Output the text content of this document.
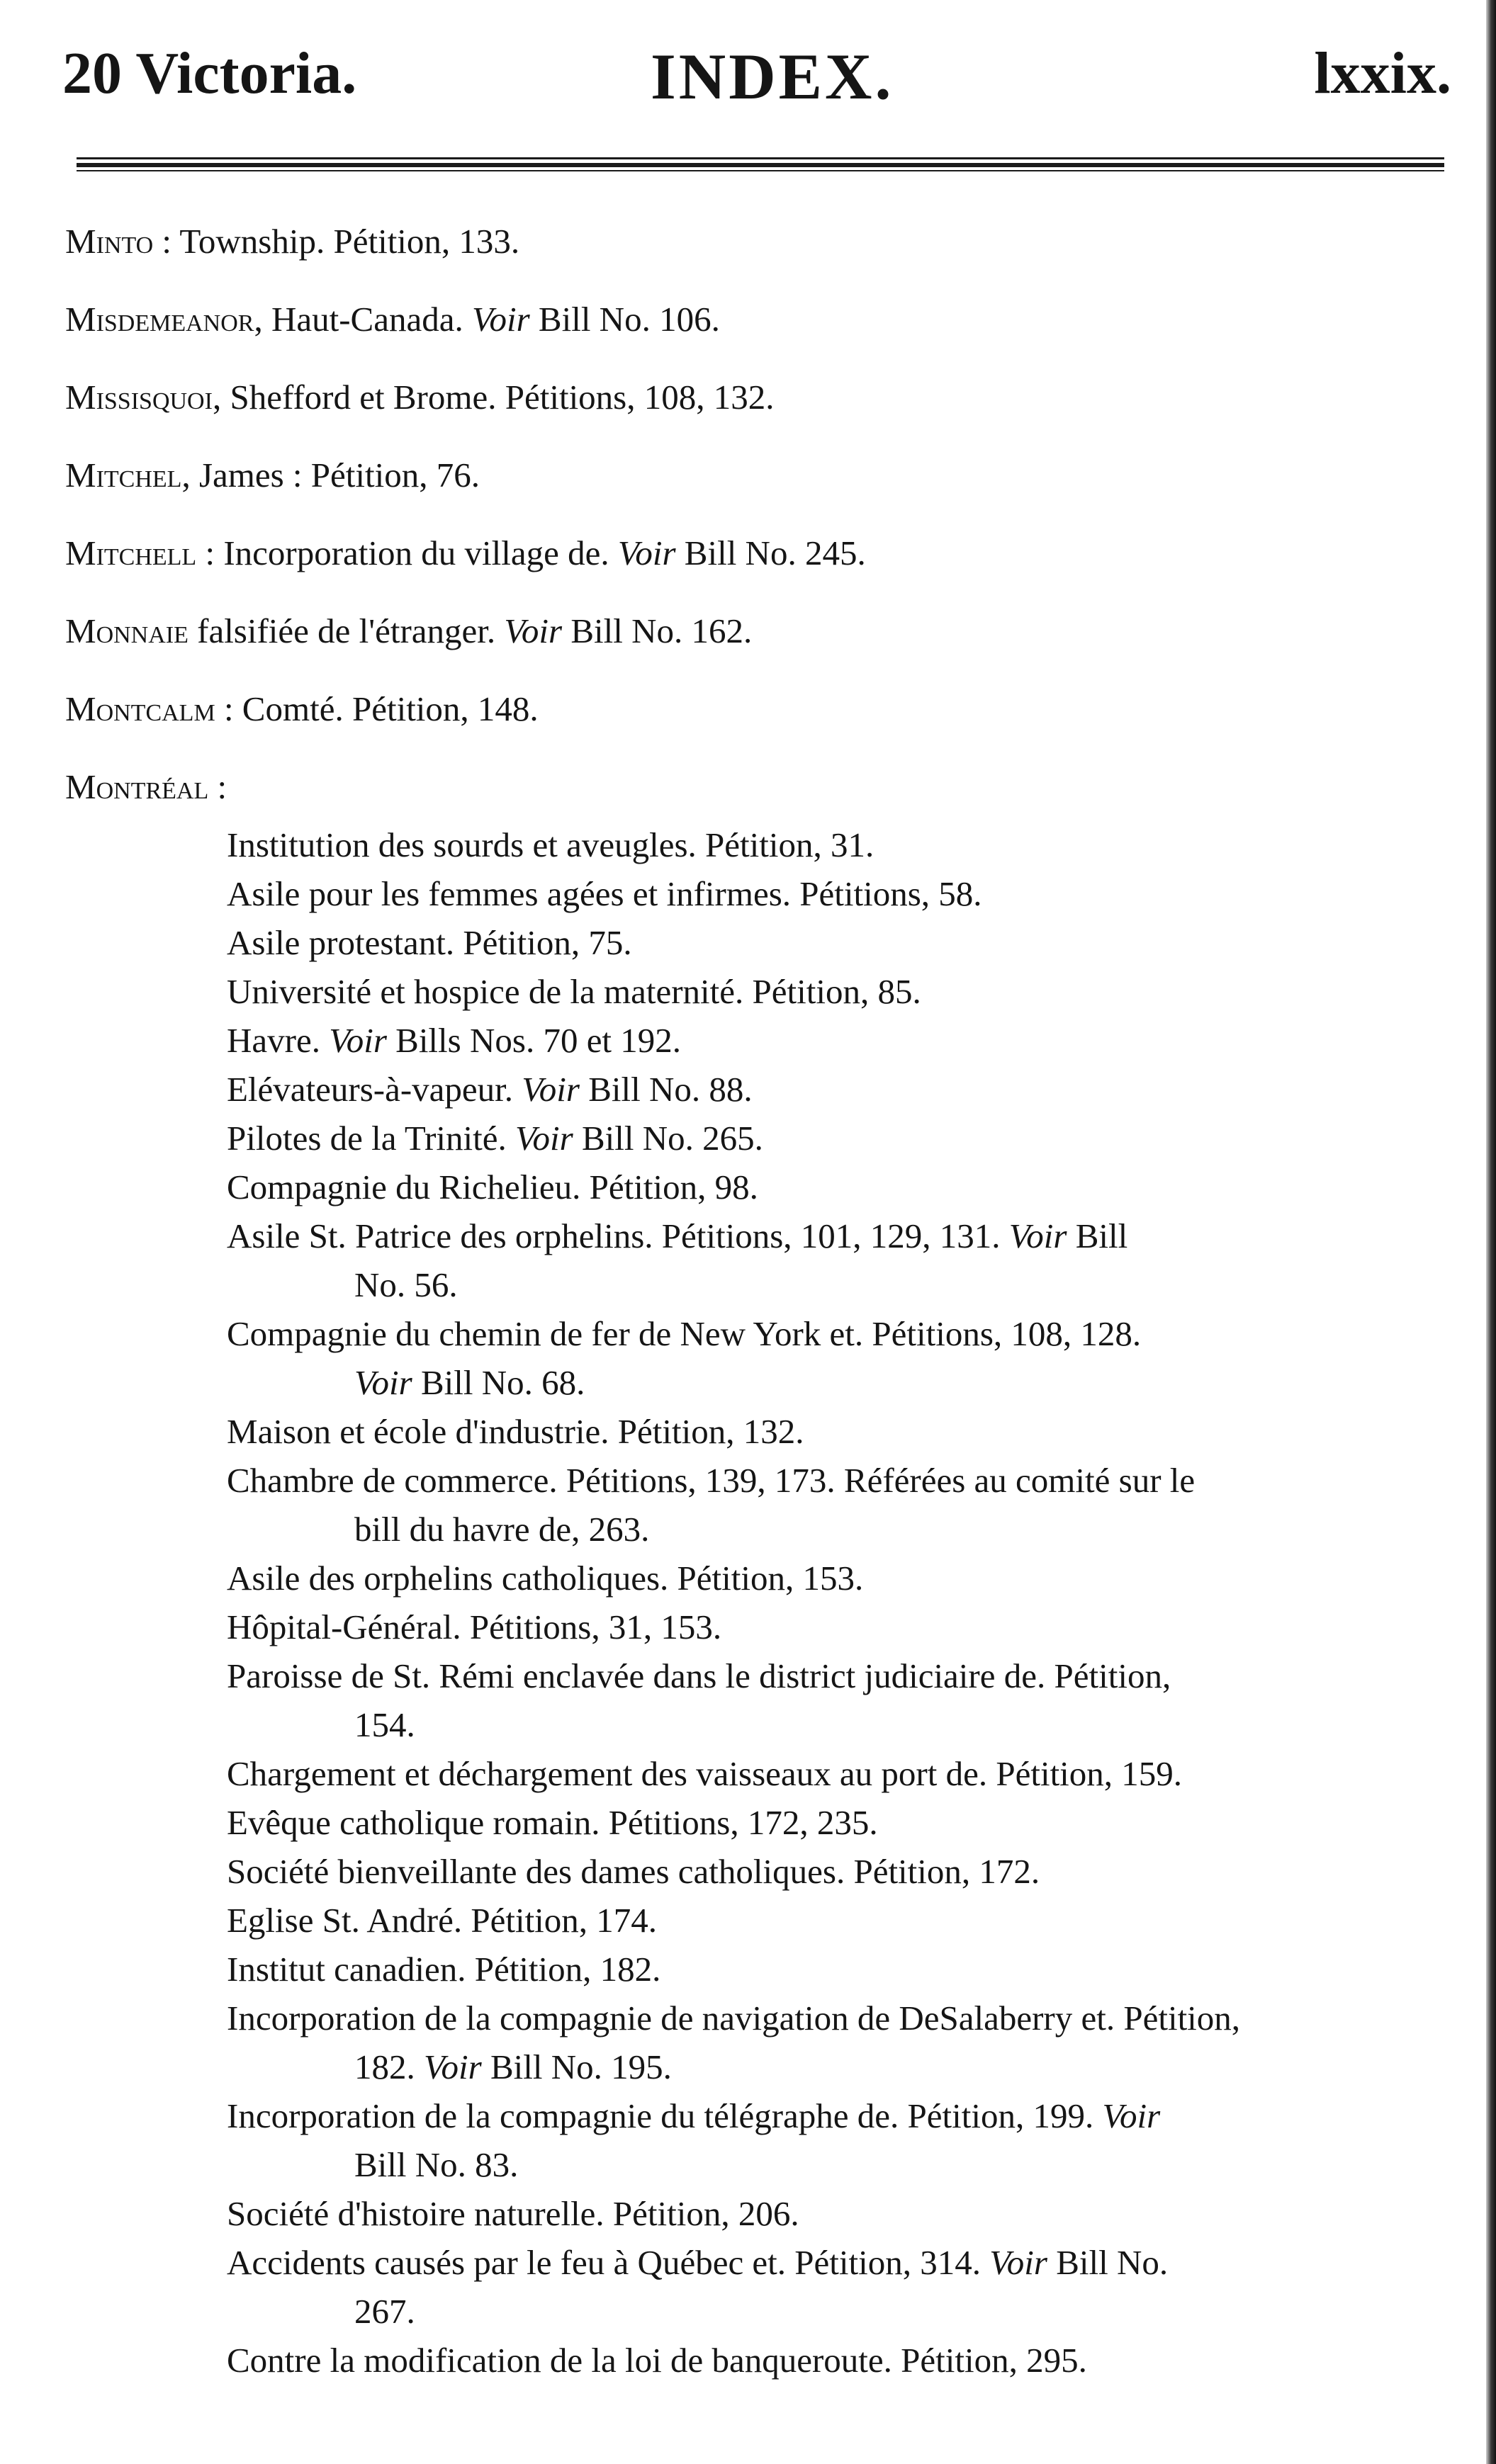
20 Victoria.	INDEX.	lxxix.
Minto : Township. Pétition, 133.
Misdemeanor, Haut-Canada. Voir Bill No. 106.
Missisquoi, Shefford et Brome. Pétitions, 108, 132.
Mitchel, James : Pétition, 76.
Mitchell : Incorporation du village de. Voir Bill No. 245.
Monnaie falsifiée de l'étranger. Voir Bill No. 162.
Montcalm : Comté. Pétition, 148.
Montréal :
Institution des sourds et aveugles. Pétition, 31.
Asile pour les femmes agées et infirmes. Pétitions, 58.
Asile protestant. Pétition, 75.
Université et hospice de la maternité. Pétition, 85.
Havre. Voir Bills Nos. 70 et 192.
Elévateurs-à-vapeur. Voir Bill No. 88.
Pilotes de la Trinité. Voir Bill No. 265.
Compagnie du Richelieu. Pétition, 98.
Asile St. Patrice des orphelins. Pétitions, 101, 129, 131. Voir Bill
No. 56.
Compagnie du chemin de fer de New York et. Pétitions, 108, 128.
Voir Bill No. 68.
Maison et école d'industrie. Pétition, 132.
Chambre de commerce. Pétitions, 139, 173. Référées au comité sur le
bill du havre de, 263.
Asile des orphelins catholiques. Pétition, 153.
Hôpital-Général. Pétitions, 31, 153.
Paroisse de St. Rémi enclavée dans le district judiciaire de. Pétition,
154.
Chargement et déchargement des vaisseaux au port de. Pétition, 159.
Evêque catholique romain. Pétitions, 172, 235.
Société bienveillante des dames catholiques. Pétition, 172.
Eglise St. André. Pétition, 174.
Institut canadien. Pétition, 182.
Incorporation de la compagnie de navigation de DeSalaberry et. Pétition,
182. Voir Bill No. 195.
Incorporation de la compagnie du télégraphe de. Pétition, 199. Voir
Bill No. 83.
Société d'histoire naturelle. Pétition, 206.
Accidents causés par le feu à Québec et. Pétition, 314. Voir Bill No.
267.
Contre la modification de la loi de banqueroute. Pétition, 295.
